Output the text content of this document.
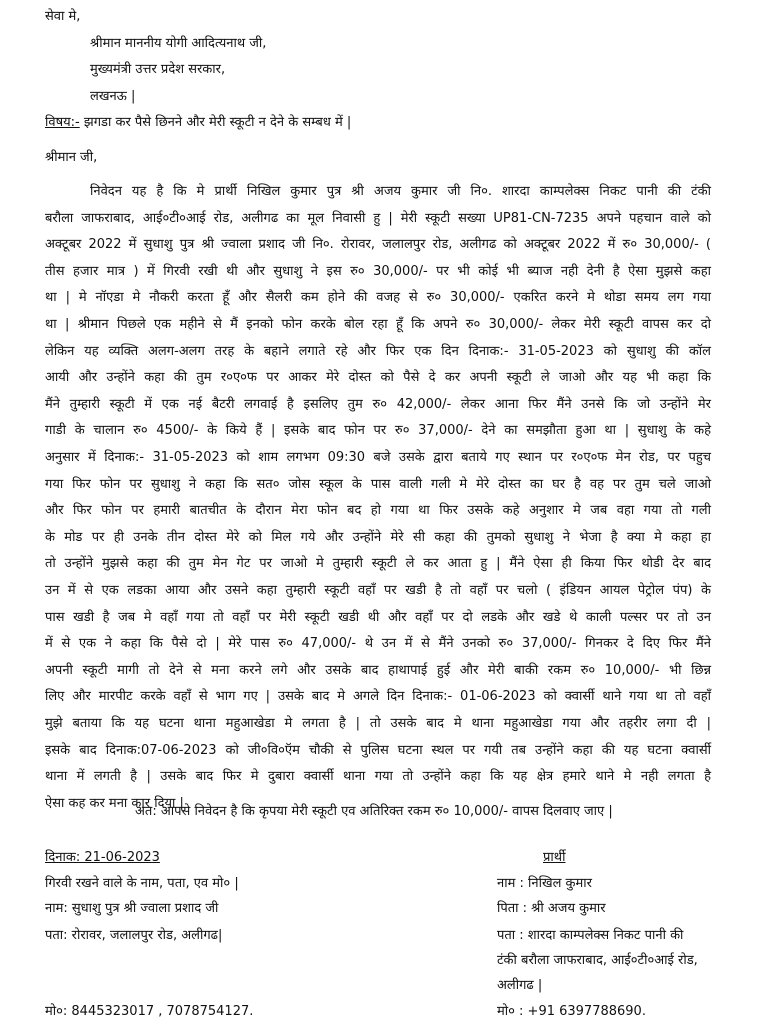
सेवा मे,
श्रीमान माननीय योगी आदित्यनाथ जी,
मुख्यमंत्री उत्तर प्रदेश सरकार,
लखनऊ |
विषय:- झगडा कर पैसे छिनने और मेरी स्कूटी न देने के सम्बध में |
श्रीमान जी,
निवेदन यह है कि मे प्रार्थी निखिल कुमार पुत्र श्री अजय कुमार जी नि०. शारदा काम्पलेक्स निकट पानी की टंकी
बरौला जाफराबाद, आई०टी०आई रोड, अलीगढ का मूल निवासी हु | मेरी स्कूटी सख्या UP81-CN-7235 अपने पहचान वाले को
अक्टूबर 2022 में सुधाशु पुत्र श्री ज्वाला प्रशाद जी नि०. रोरावर, जलालपुर रोड, अलीगढ को अक्टूबर 2022 में रु० 30,000/- (
तीस हजार मात्र ) में गिरवी रखी थी और सुधाशु ने इस रु० 30,000/- पर भी कोई भी ब्याज नही देनी है ऐसा मुझसे कहा
था | मे नॉएडा मे नौकरी करता हूँ और सैलरी कम होने की वजह से रु० 30,000/- एकरित करने मे थोडा समय लग गया
था | श्रीमान पिछले एक महीने से मैं इनको फोन करके बोल रहा हूँ कि अपने रु० 30,000/- लेकर मेरी स्कूटी वापस कर दो
लेकिन यह व्यक्ति अलग-अलग तरह के बहाने लगाते रहे और फिर एक दिन दिनाक:- 31-05-2023 को सुधाशु की कॉल
आयी और उन्होंने कहा की तुम र०ए०फ पर आकर मेरे दोस्त को पैसे दे कर अपनी स्कूटी ले जाओ और यह भी कहा कि
मैंने तुम्हारी स्कूटी में एक नई बैटरी लगवाई है इसलिए तुम रु० 42,000/- लेकर आना फिर मैंने उनसे कि जो उन्होंने मेर
गाडी के चालान रु० 4500/- के किये हैं | इसके बाद फोन पर रु० 37,000/- देने का समझौता हुआ था | सुधाशु के कहे
अनुसार में दिनाक:- 31-05-2023 को शाम लगभग 09:30 बजे उसके द्वारा बताये गए स्थान पर र०ए०फ मेन रोड, पर पहुच
गया फिर फोन पर सुधाशु ने कहा कि सत० जोस स्कूल के पास वाली गली मे मेरे दोस्त का घर है वह पर तुम चले जाओ
और फिर फोन पर हमारी बातचीत के दौरान मेरा फोन बद हो गया था फिर उसके कहे अनुशार मे जब वहा गया तो गली
के मोड पर ही उनके तीन दोस्त मेरे को मिल गये और उन्होंने मेरे सी कहा की तुमको सुधाशु ने भेजा है क्या मे कहा हा
तो उन्होंने मुझसे कहा की तुम मेन गेट पर जाओ मे तुम्हारी स्कूटी ले कर आता हु | मैंने ऐसा ही किया फिर थोडी देर बाद
उन में से एक लडका आया और उसने कहा तुम्हारी स्कूटी वहाँ पर खडी है तो वहाँ पर चलो ( इंडियन आयल पेट्रोल पंप) के
पास खडी है जब मे वहाँ गया तो वहाँ पर मेरी स्कूटी खडी थी और वहाँ पर दो लडके और खडे थे काली पल्सर पर तो उन
में से एक ने कहा कि पैसे दो | मेरे पास रु० 47,000/- थे उन में से मैंने उनको रु० 37,000/- गिनकर दे दिए फिर मैंने
अपनी स्कूटी मागी तो देने से मना करने लगे और उसके बाद हाथापाई हुई और मेरी बाकी रकम रु० 10,000/- भी छिन्न
लिए और मारपीट करके वहाँ से भाग गए | उसके बाद मे अगले दिन दिनाक:- 01-06-2023 को क्वार्सी थाने गया था तो वहाँ
मुझे बताया कि यह घटना थाना महुआखेडा मे लगता है | तो उसके बाद मे थाना महुआखेडा गया और तहरीर लगा दी |
इसके बाद दिनाक:07-06-2023 को जी०वि०ऍम चौकी से पुलिस घटना स्थल पर गयी तब उन्होंने कहा की यह घटना क्वार्सी
थाना में लगती है | उसके बाद फिर मे दुबारा क्वार्सी थाना गया तो उन्होंने कहा कि यह क्षेत्र हमारे थाने मे नही लगता है
ऐसा कह कर मना कार दिया |
अत: आपसे निवेदन है कि कृपया मेरी स्कूटी एव अतिरिक्त रकम रु० 10,000/- वापस दिलवाए जाए |
दिनाक: 21-06-2023
गिरवी रखने वाले के नाम, पता, एव मो० |
नाम: सुधाशु पुत्र श्री ज्वाला प्रशाद जी
पता: रोरावर, जलालपुर रोड, अलीगढ|
मो०: 8445323017 , 7078754127.
प्रार्थी
नाम : निखिल कुमार
पिता : श्री अजय कुमार
पता : शारदा काम्पलेक्स निकट पानी की
टंकी बरौला जाफराबाद, आई०टी०आई रोड,
अलीगढ |
मो० : +91 6397788690.
